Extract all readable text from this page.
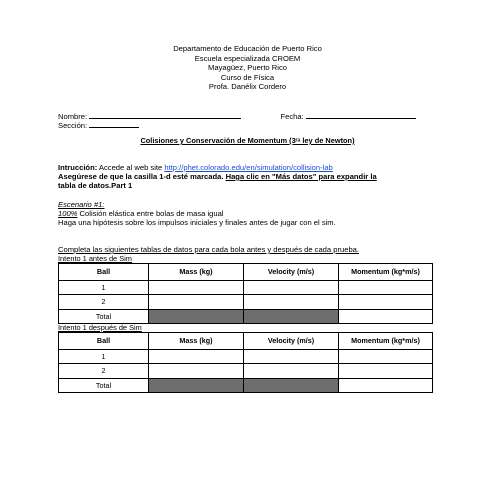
Departamento de Educación de Puerto Rico
Escuela especializada CROEM
Mayagüez, Puerto Rico
Curso de Física
Profa. Danélix Cordero
Nombre:	Fecha:
Sección:
Colisiones y Conservación de Momentum (3ʳᵃ ley de Newton)
Intrucción: Accede al web site http://phet.colorado.edu/en/simulation/collision-lab
Asegúrese de que la casilla 1-d esté marcada. Haga clic en "Más datos" para expandir la
tabla de datos.Part 1
Escenario #1:
100% Colisión elástica entre bolas de masa igual
Haga una hipótesis sobre los impulsos iniciales y finales antes de jugar con el sim.
Completa las siguientes tablas de datos para cada bola antes y después de cada prueba.
Intento 1 antes de Sim
Ball	Mass (kg)	Velocity (m/s)	Momentum (kg*m/s)
1			
2			
Total			
Intento 1 después de Sim
Ball	Mass (kg)	Velocity (m/s)	Momentum (kg*m/s)
1			
2			
Total			
